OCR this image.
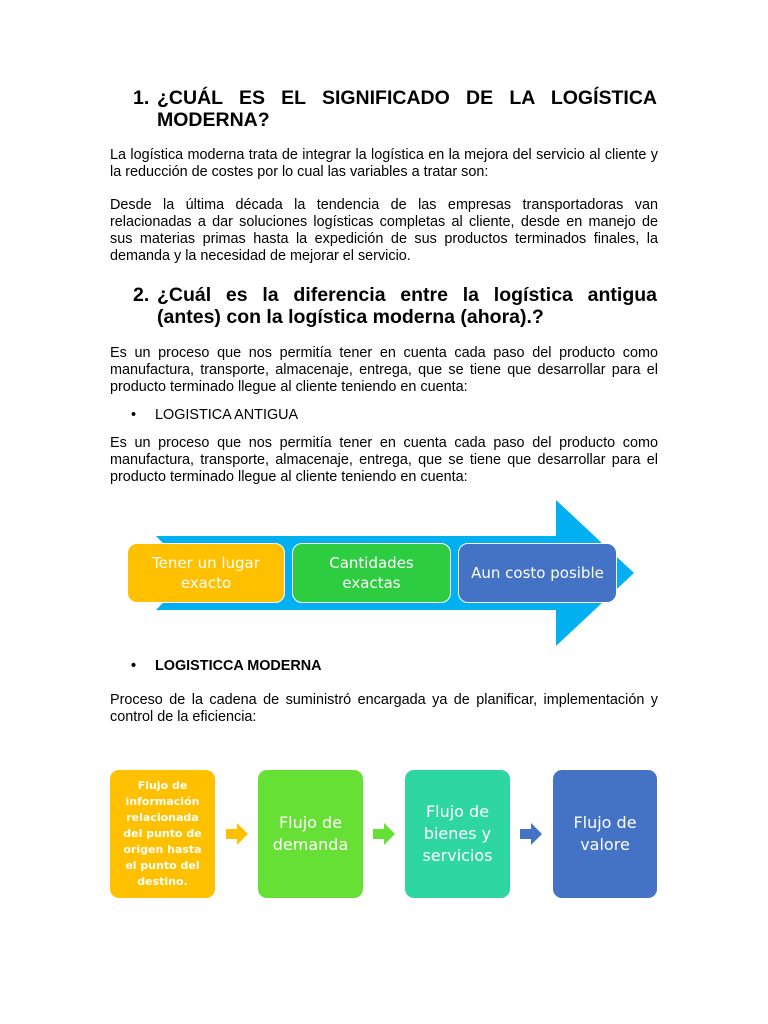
1. ¿CUÁL ES EL SIGNIFICADO DE LA LOGÍSTICA MODERNA?
La logística moderna trata de integrar la logística en la mejora del servicio al cliente y la reducción de costes por lo cual las variables a tratar son:
Desde la última década la tendencia de las empresas transportadoras van relacionadas a dar soluciones logísticas completas al cliente, desde en manejo de sus materias primas hasta la expedición de sus productos terminados finales, la demanda y la necesidad de mejorar el servicio.
2. ¿Cuál es la diferencia entre la logística antigua (antes) con la logística moderna (ahora).?
Es un proceso que nos permitía tener en cuenta cada paso del producto como manufactura, transporte, almacenaje, entrega, que se tiene que desarrollar para el producto terminado llegue al cliente teniendo en cuenta:
• LOGISTICA ANTIGUA
Es un proceso que nos permitía tener en cuenta cada paso del producto como manufactura, transporte, almacenaje, entrega, que se tiene que desarrollar para el producto terminado llegue al cliente teniendo en cuenta:
Tener un lugar exacto
Cantidades exactas
Aun costo posible
• LOGISTICCA MODERNA
Proceso de la cadena de suministró encargada ya de planificar, implementación y control de la eficiencia:
Flujo de información relacionada del punto de origen hasta el punto del destino.
Flujo de demanda
Flujo de bienes y servicios
Flujo de valore
